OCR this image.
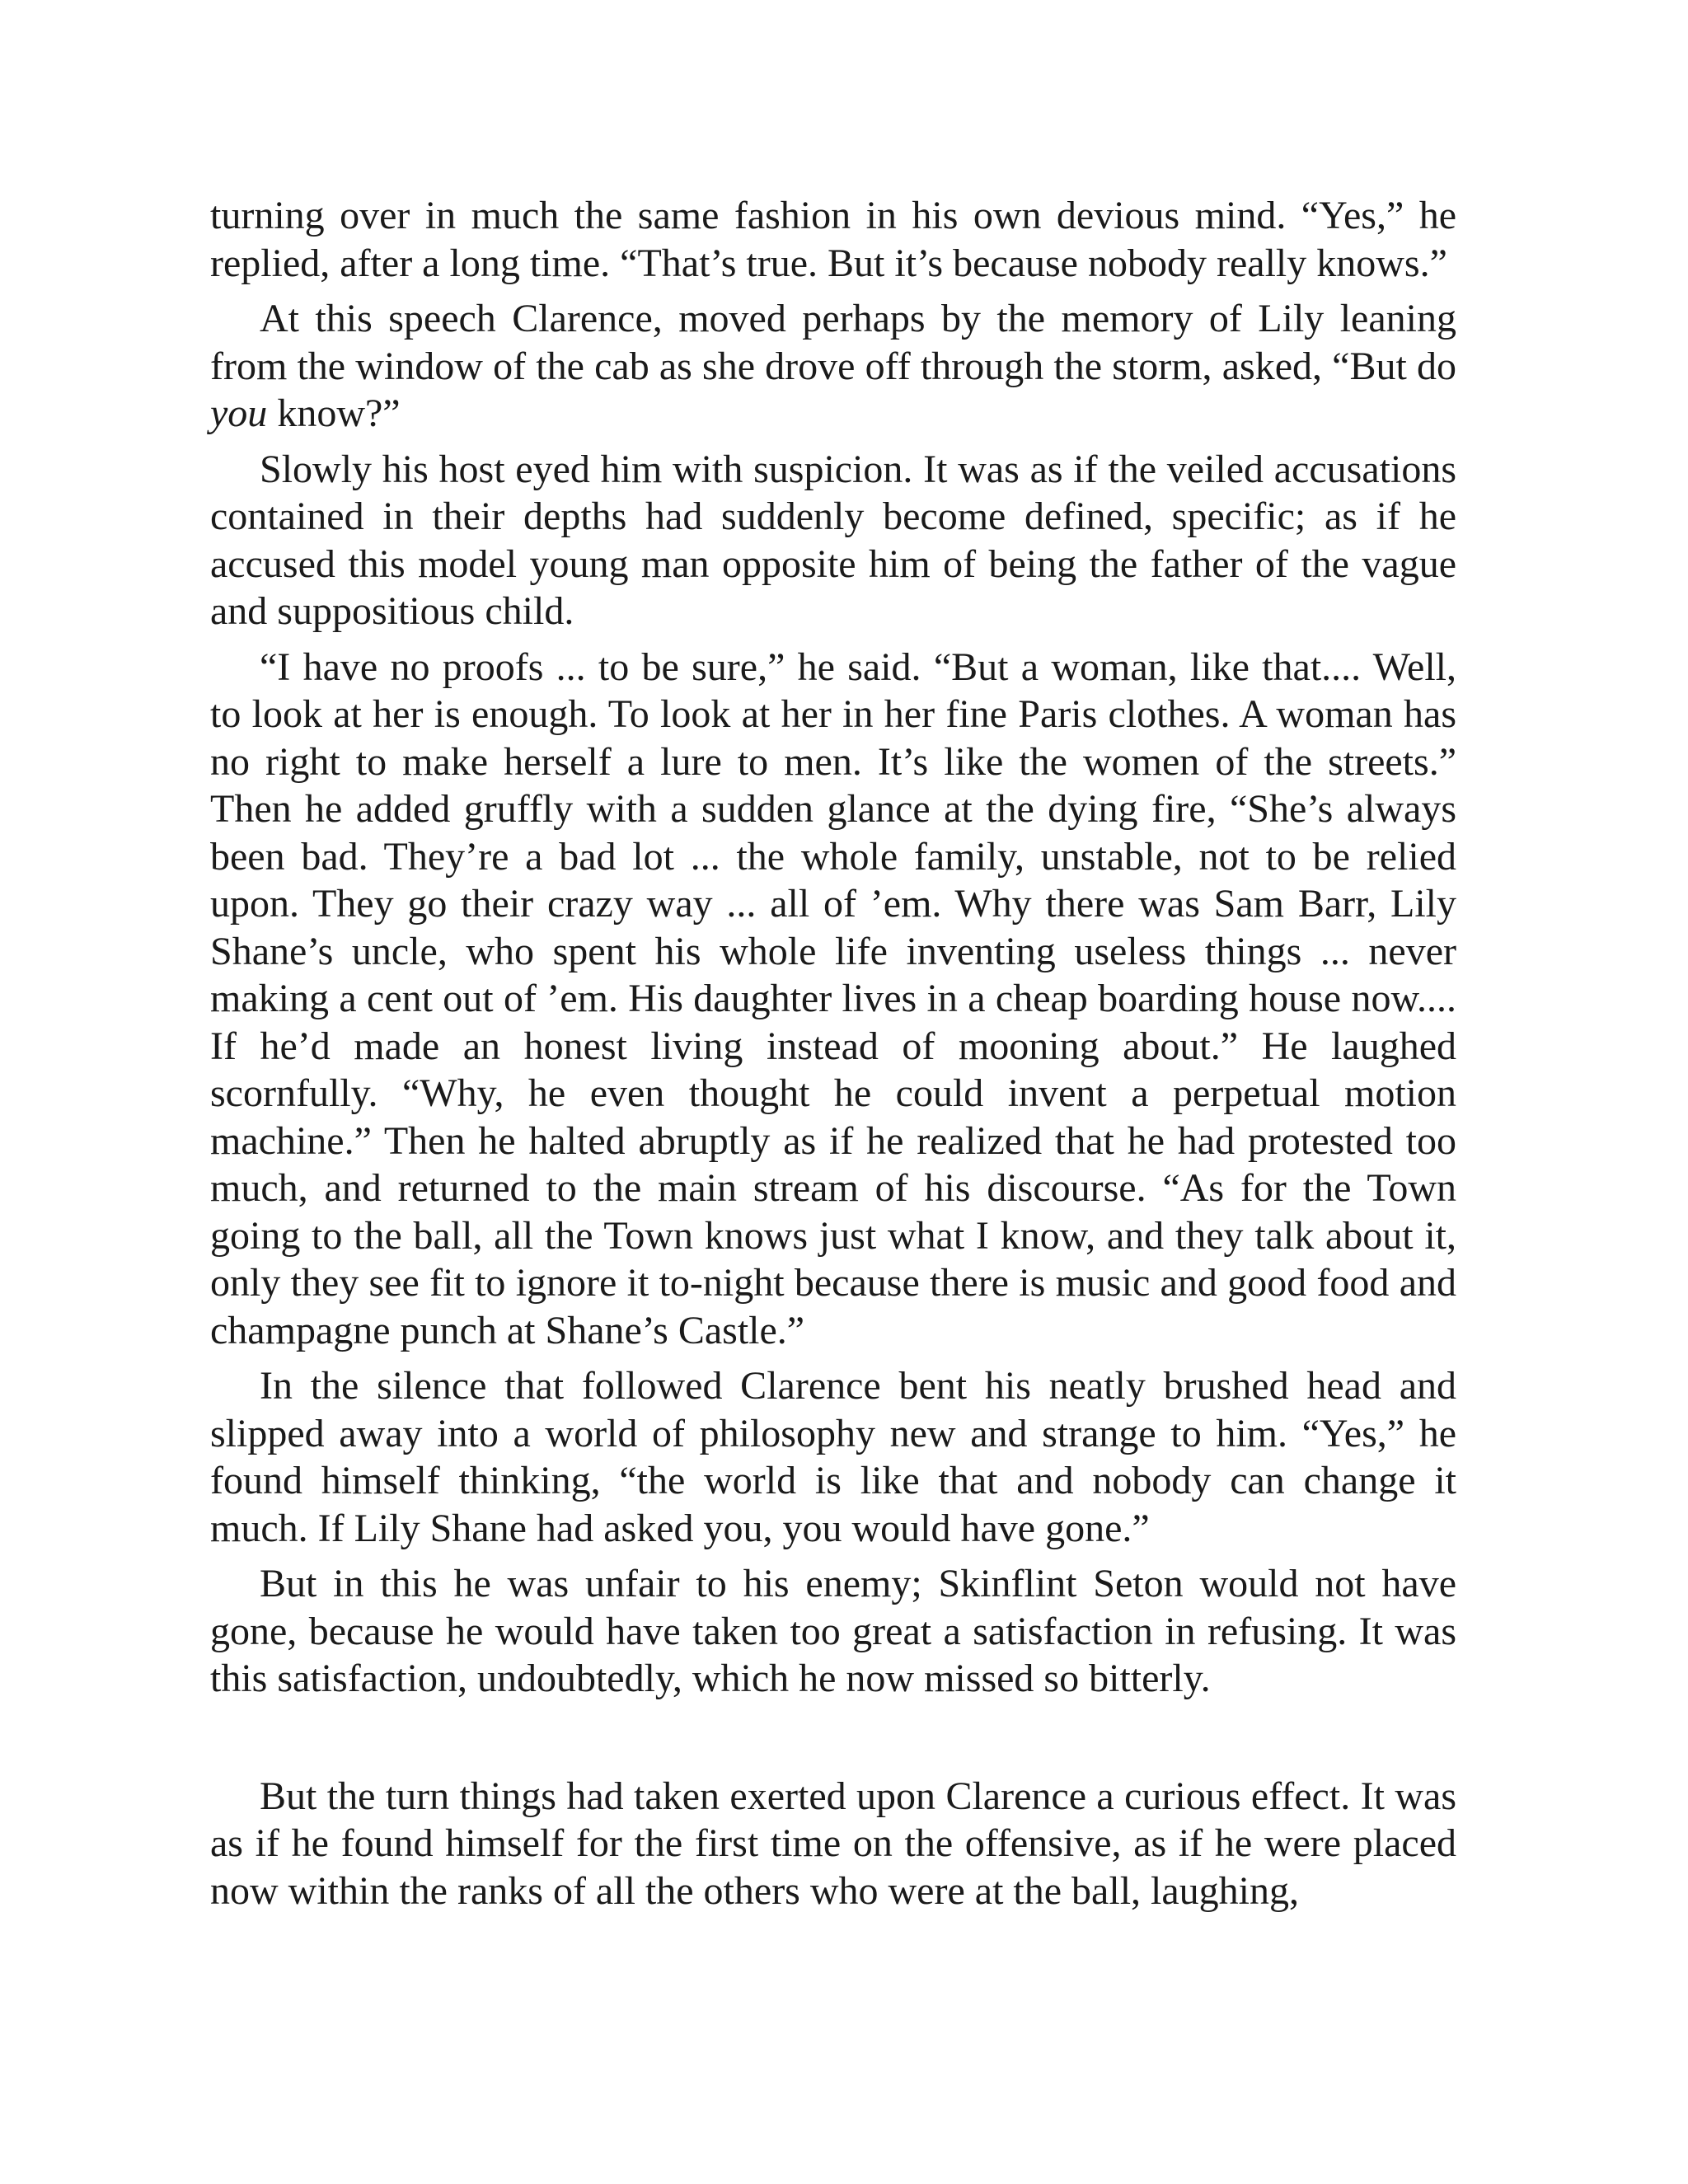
turning over in much the same fashion in his own devious mind. “Yes,” he replied, after a long time. “That’s true. But it’s because nobody really knows.”

At this speech Clarence, moved perhaps by the memory of Lily leaning from the window of the cab as she drove off through the storm, asked, “But do you know?”

Slowly his host eyed him with suspicion. It was as if the veiled accusations contained in their depths had suddenly become defined, specific; as if he accused this model young man opposite him of being the father of the vague and suppositious child.

“I have no proofs ... to be sure,” he said. “But a woman, like that.... Well, to look at her is enough. To look at her in her fine Paris clothes. A woman has no right to make herself a lure to men. It’s like the women of the streets.” Then he added gruffly with a sudden glance at the dying fire, “She’s always been bad. They’re a bad lot ... the whole family, unstable, not to be relied upon. They go their crazy way ... all of ’em. Why there was Sam Barr, Lily Shane’s uncle, who spent his whole life inventing useless things ... never making a cent out of ’em. His daughter lives in a cheap boarding house now.... If he’d made an honest living instead of mooning about.” He laughed scornfully. “Why, he even thought he could invent a perpetual motion machine.” Then he halted abruptly as if he realized that he had protested too much, and returned to the main stream of his discourse. “As for the Town going to the ball, all the Town knows just what I know, and they talk about it, only they see fit to ignore it to-night because there is music and good food and champagne punch at Shane’s Castle.”

In the silence that followed Clarence bent his neatly brushed head and slipped away into a world of philosophy new and strange to him. “Yes,” he found himself thinking, “the world is like that and nobody can change it much. If Lily Shane had asked you, you would have gone.”

But in this he was unfair to his enemy; Skinflint Seton would not have gone, because he would have taken too great a satisfaction in refusing. It was this satisfaction, undoubtedly, which he now missed so bitterly.

But the turn things had taken exerted upon Clarence a curious effect. It was as if he found himself for the first time on the offensive, as if he were placed now within the ranks of all the others who were at the ball, laughing,
